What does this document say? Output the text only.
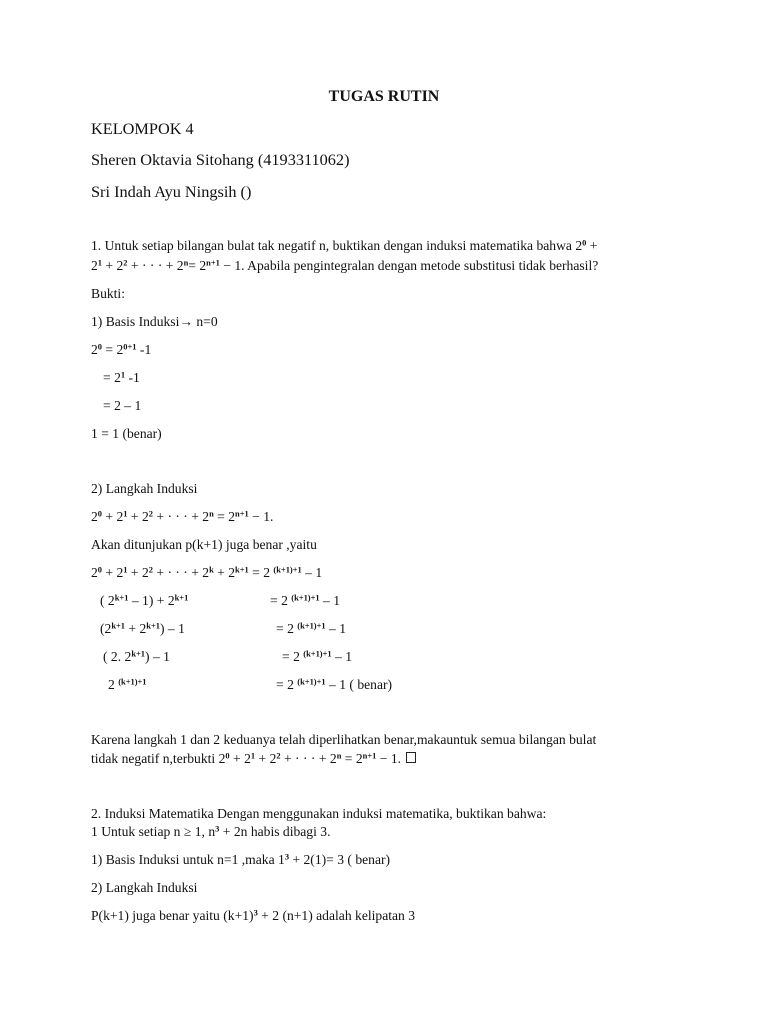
TUGAS RUTIN
KELOMPOK 4
Sheren Oktavia Sitohang (4193311062)
Sri Indah Ayu Ningsih ()
1. Untuk setiap bilangan bulat tak negatif n, buktikan dengan induksi matematika bahwa $2^0$ +
$2^1 + 2^2$ + · · · + $2^n= 2^{n+1} - 1$. Apabila pengintegralan dengan metode substitusi tidak berhasil?
Bukti:
1) Basis Induksi→ n=0
$2^0 = 2^{0+1}$ -1
= $2^1$ -1
= 2 – 1
1 = 1 (benar)
2) Langkah Induksi
$2^0 + 2^1 + 2^2$ + · · · + $2^n = 2^{n+1} - 1$.
Akan ditunjukan p(k+1) juga benar ,yaitu
$2^0 + 2^1 + 2^2$ + · · · + $2^k + 2^{k+1} = 2$ $^{(k+1)+1}$ – 1
( $2^{k+1} - 1) + 2^{k+1}$	= 2 $^{(k+1)+1}$ – 1
$(2^{k+1} + 2^{k+1}) - 1$	= 2 $^{(k+1)+1}$ – 1
( 2. $2^{k+1}) - 1$	= 2 $^{(k+1)+1}$ – 1
2 $^{(k+1)+1}$	= 2 $^{(k+1)+1}$ – 1 ( benar)
Karena langkah 1 dan 2 keduanya telah diperlihatkan benar,makauntuk semua bilangan bulat
tidak negatif n,terbukti $2^0 + 2^1 + 2^2$ + · · · + $2^n = 2^{n+1} - 1$.
2. Induksi Matematika Dengan menggunakan induksi matematika, buktikan bahwa:
1 Untuk setiap n ≥ 1, $n^3 + 2n$ habis dibagi 3.
1) Basis Induksi untuk n=1 ,maka $1^3 + 2(1)= 3$ ( benar)
2) Langkah Induksi
P(k+1) juga benar yaitu $(k+1)^3 + 2$ (n+1) adalah kelipatan 3
